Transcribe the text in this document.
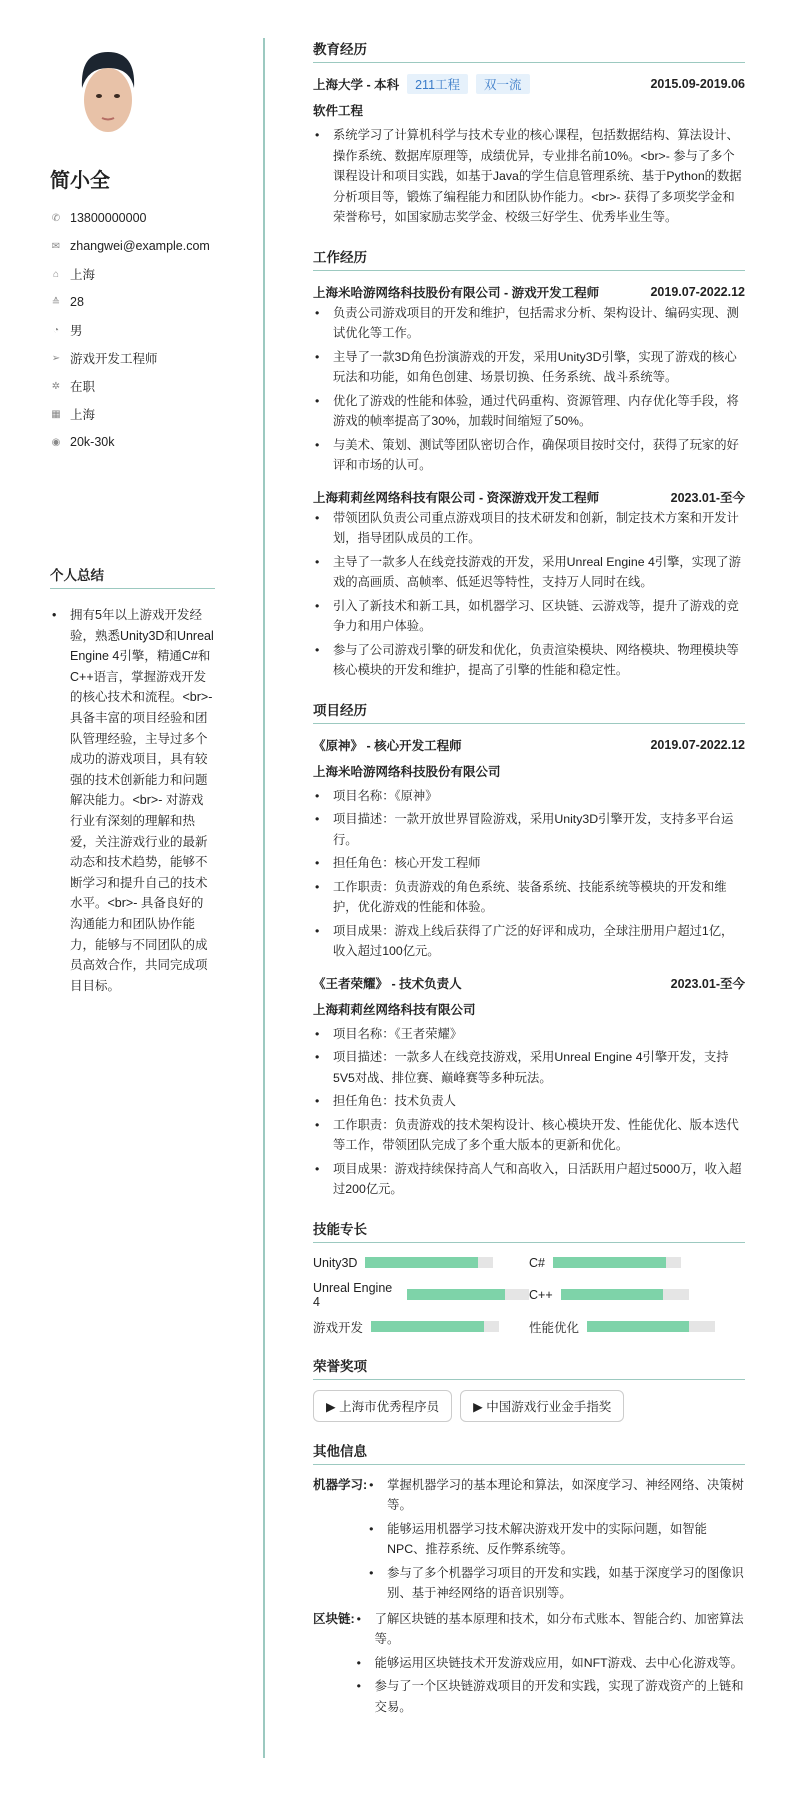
简小全
✆ 13800000000
✉ zhangwei@example.com
⌂ 上海
≙ 28
◔ 男
➢ 游戏开发工程师
✲ 在职
▦ 上海
◉ 20k-30k
个人总结
• 拥有5年以上游戏开发经验，熟悉Unity3D和Unreal Engine 4引擎，精通C#和C++语言，掌握游戏开发的核心技术和流程。<br>- 具备丰富的项目经验和团队管理经验，主导过多个成功的游戏项目，具有较强的技术创新能力和问题解决能力。<br>- 对游戏行业有深刻的理解和热爱，关注游戏行业的最新动态和技术趋势，能够不断学习和提升自己的技术水平。<br>- 具备良好的沟通能力和团队协作能力，能够与不同团队的成员高效合作，共同完成项目目标。
教育经历
上海大学 - 本科 211工程 双一流	2015.09-2019.06
软件工程
• 系统学习了计算机科学与技术专业的核心课程，包括数据结构、算法设计、操作系统、数据库原理等，成绩优异，专业排名前10%。<br>- 参与了多个课程设计和项目实践，如基于Java的学生信息管理系统、基于Python的数据分析项目等，锻炼了编程能力和团队协作能力。<br>- 获得了多项奖学金和荣誉称号，如国家励志奖学金、校级三好学生、优秀毕业生等。
工作经历
上海米哈游网络科技股份有限公司 - 游戏开发工程师	2019.07-2022.12
• 负责公司游戏项目的开发和维护，包括需求分析、架构设计、编码实现、测试优化等工作。
• 主导了一款3D角色扮演游戏的开发，采用Unity3D引擎，实现了游戏的核心玩法和功能，如角色创建、场景切换、任务系统、战斗系统等。
• 优化了游戏的性能和体验，通过代码重构、资源管理、内存优化等手段，将游戏的帧率提高了30%，加载时间缩短了50%。
• 与美术、策划、测试等团队密切合作，确保项目按时交付，获得了玩家的好评和市场的认可。
上海莉莉丝网络科技有限公司 - 资深游戏开发工程师	2023.01-至今
• 带领团队负责公司重点游戏项目的技术研发和创新，制定技术方案和开发计划，指导团队成员的工作。
• 主导了一款多人在线竞技游戏的开发，采用Unreal Engine 4引擎，实现了游戏的高画质、高帧率、低延迟等特性，支持万人同时在线。
• 引入了新技术和新工具，如机器学习、区块链、云游戏等，提升了游戏的竞争力和用户体验。
• 参与了公司游戏引擎的研发和优化，负责渲染模块、网络模块、物理模块等核心模块的开发和维护，提高了引擎的性能和稳定性。
项目经历
《原神》 - 核心开发工程师	2019.07-2022.12
上海米哈游网络科技股份有限公司
• 项目名称：《原神》
• 项目描述：一款开放世界冒险游戏，采用Unity3D引擎开发，支持多平台运行。
• 担任角色：核心开发工程师
• 工作职责：负责游戏的角色系统、装备系统、技能系统等模块的开发和维护，优化游戏的性能和体验。
• 项目成果：游戏上线后获得了广泛的好评和成功，全球注册用户超过1亿，收入超过100亿元。
《王者荣耀》 - 技术负责人	2023.01-至今
上海莉莉丝网络科技有限公司
• 项目名称：《王者荣耀》
• 项目描述：一款多人在线竞技游戏，采用Unreal Engine 4引擎开发，支持5V5对战、排位赛、巅峰赛等多种玩法。
• 担任角色：技术负责人
• 工作职责：负责游戏的技术架构设计、核心模块开发、性能优化、版本迭代等工作，带领团队完成了多个重大版本的更新和优化。
• 项目成果：游戏持续保持高人气和高收入，日活跃用户超过5000万，收入超过200亿元。
技能专长
Unity3D	C#
Unreal Engine 4	C++
游戏开发	性能优化
荣誉奖项
▶ 上海市优秀程序员	▶ 中国游戏行业金手指奖
其他信息
机器学习:	• 掌握机器学习的基本理论和算法，如深度学习、神经网络、决策树等。
• 能够运用机器学习技术解决游戏开发中的实际问题，如智能NPC、推荐系统、反作弊系统等。
• 参与了多个机器学习项目的开发和实践，如基于深度学习的图像识别、基于神经网络的语音识别等。
区块链:	• 了解区块链的基本原理和技术，如分布式账本、智能合约、加密算法等。
• 能够运用区块链技术开发游戏应用，如NFT游戏、去中心化游戏等。
• 参与了一个区块链游戏项目的开发和实践，实现了游戏资产的上链和交易。
